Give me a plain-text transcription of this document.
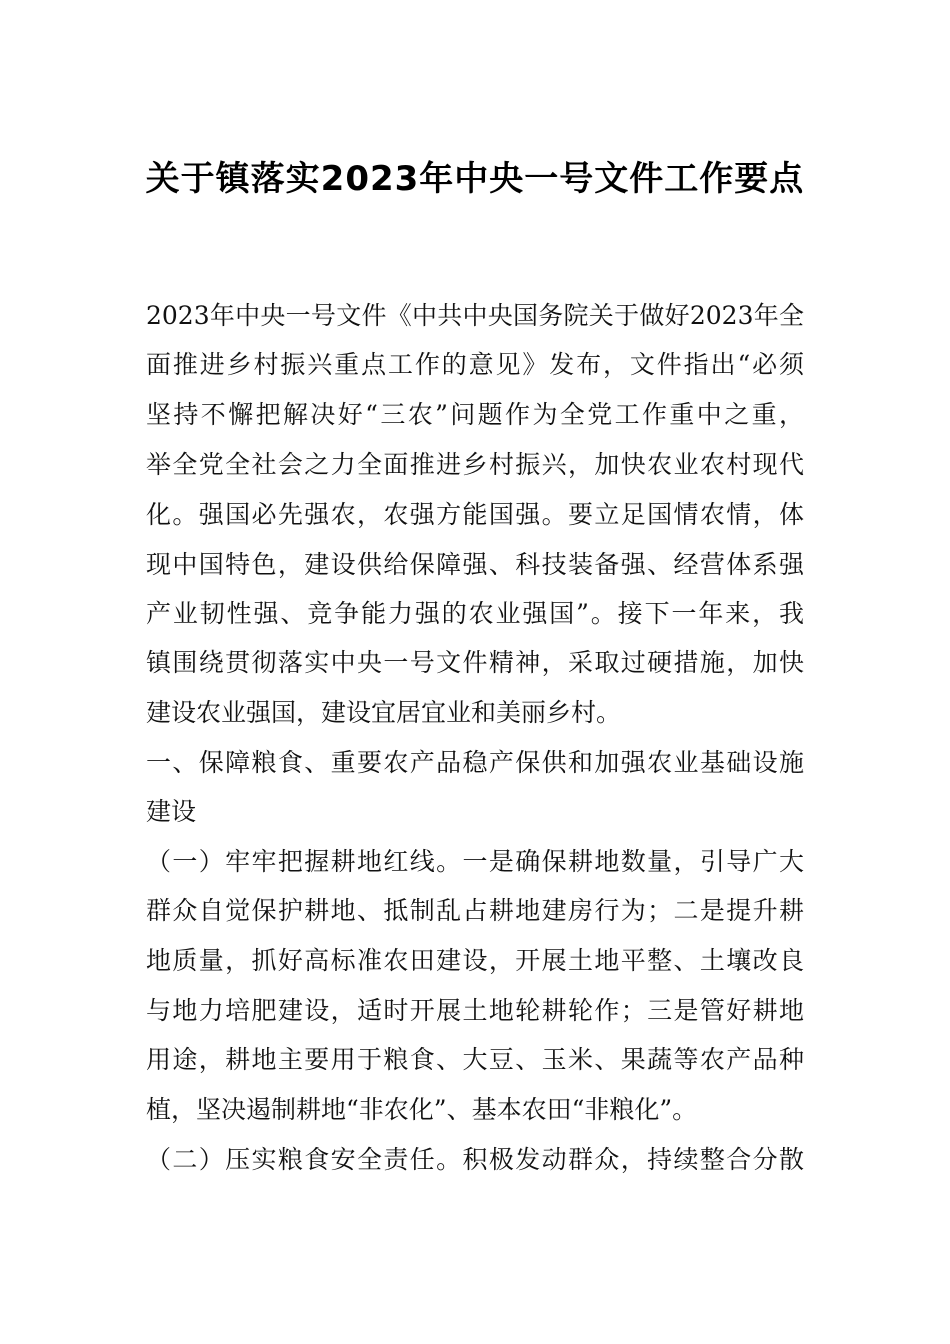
关于镇落实2023年中央一号文件工作要点
2023年中央一号文件《中共中央国务院关于做好2023年全
面推进乡村振兴重点工作的意见》发布，文件指出“必须
坚持不懈把解决好“三农”问题作为全党工作重中之重，
举全党全社会之力全面推进乡村振兴，加快农业农村现代
化。强国必先强农，农强方能国强。要立足国情农情，体
现中国特色，建设供给保障强、科技装备强、经营体系强
产业韧性强、竞争能力强的农业强国”。接下一年来，我
镇围绕贯彻落实中央一号文件精神，采取过硬措施，加快
建设农业强国，建设宜居宜业和美丽乡村。
一、保障粮食、重要农产品稳产保供和加强农业基础设施
建设
（一）牢牢把握耕地红线。一是确保耕地数量，引导广大
群众自觉保护耕地、抵制乱占耕地建房行为；二是提升耕
地质量，抓好高标准农田建设，开展土地平整、土壤改良
与地力培肥建设，适时开展土地轮耕轮作；三是管好耕地
用途，耕地主要用于粮食、大豆、玉米、果蔬等农产品种
植，坚决遏制耕地“非农化”、基本农田“非粮化”。
（二）压实粮食安全责任。积极发动群众，持续整合分散
